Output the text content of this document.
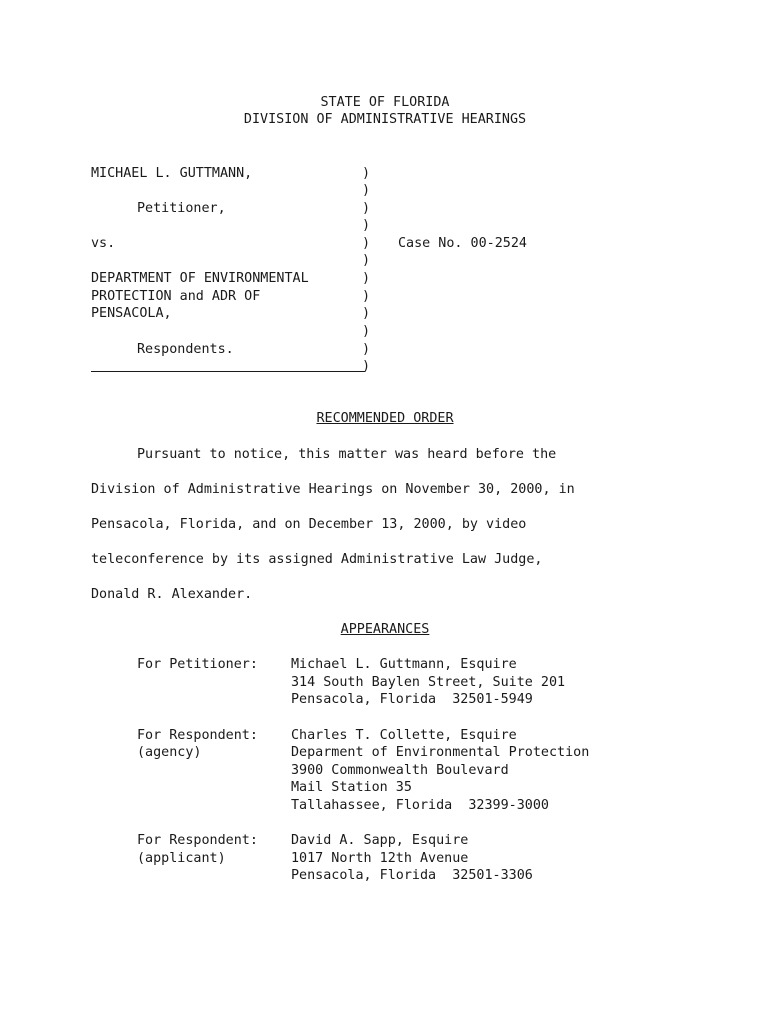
STATE OF FLORIDA
DIVISION OF ADMINISTRATIVE HEARINGS
MICHAEL L. GUTTMANN,
Petitioner,
vs.
DEPARTMENT OF ENVIRONMENTAL
PROTECTION and ADR OF
PENSACOLA,
Respondents.
)
)
)
)
)
)
)
)
)
)
)
)
Case No. 00-2524
RECOMMENDED ORDER
Pursuant to notice, this matter was heard before the
Division of Administrative Hearings on November 30, 2000, in
Pensacola, Florida, and on December 13, 2000, by video
teleconference by its assigned Administrative Law Judge,
Donald R. Alexander.
APPEARANCES
For Petitioner: Michael L. Guttmann, Esquire
314 South Baylen Street, Suite 201
Pensacola, Florida  32501-5949
For Respondent:
(agency)
Charles T. Collette, Esquire
Deparment of Environmental Protection
3900 Commonwealth Boulevard
Mail Station 35
Tallahassee, Florida  32399-3000
For Respondent:
(applicant)
David A. Sapp, Esquire
1017 North 12th Avenue
Pensacola, Florida  32501-3306
